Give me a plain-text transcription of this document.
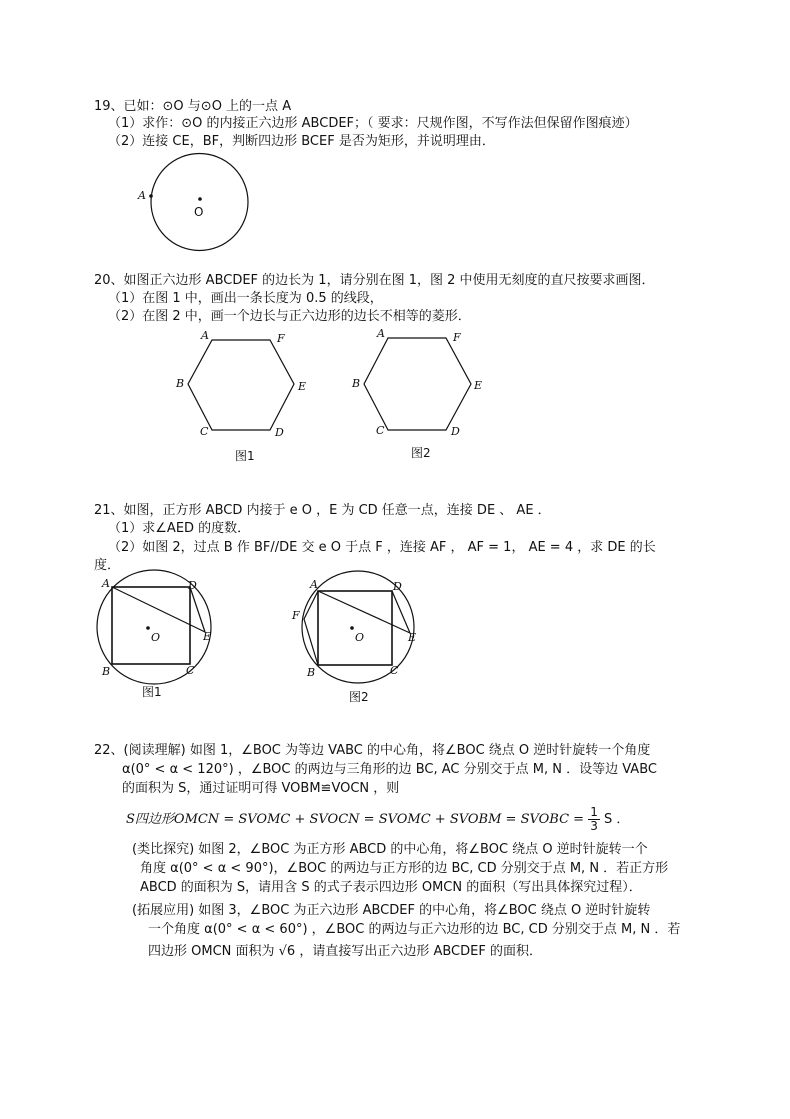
19、已如：⊙O 与⊙O 上的一点 A
（1）求作：⊙O 的内接正六边形 ABCDEF；（ 要求：尺规作图，不写作法但保留作图痕迹）
（2）连接 CE，BF，判断四边形 BCEF 是否为矩形，并说明理由．
A
O
20、如图正六边形 ABCDEF 的边长为 1，请分别在图 1，图 2 中使用无刻度的直尺按要求画图．
（1）在图 1 中，画出一条长度为 0.5 的线段，
（2）在图 2 中，画一个边长与正六边形的边长不相等的菱形．
A
B
C	D
E
F
图1
A
B
C	D
E
F
图2
21、如图，正方形 ABCD 内接于 e O ，E 为 CD 任意一点，连接 DE 、 AE ．
（1）求∠AED 的度数．
（2）如图 2，过点 B 作 BF//DE 交 e O 于点 F ，连接 AF ， AF = 1， AE = 4 ，求 DE 的长
度．
A
B	C
D
E
O
图1
A
B	C
D
E
F
O
图2
22、(阅读理解) 如图 1，∠BOC 为等边 VABC 的中心角，将∠BOC 绕点 O 逆时针旋转一个角度
α(0° < α < 120°) ，∠BOC 的两边与三角形的边 BC, AC 分别交于点 M, N ．设等边 VABC
的面积为 S，通过证明可得 VOBM≌VOCN ，则
S四边形OMCN = SVOMC + SVOCN = SVOMC + SVOBM = SVOBC = $\frac{1}{3}$ S ．
(类比探究) 如图 2，∠BOC 为正方形 ABCD 的中心角，将∠BOC 绕点 O 逆时针旋转一个
角度 α(0° < α < 90°)，∠BOC 的两边与正方形的边 BC, CD 分别交于点 M, N ．若正方形
ABCD 的面积为 S，请用含 S 的式子表示四边形 OMCN 的面积（写出具体探究过程）．
(拓展应用) 如图 3，∠BOC 为正六边形 ABCDEF 的中心角，将∠BOC 绕点 O 逆时针旋转
一个角度 α(0° < α < 60°) ，∠BOC 的两边与正六边形的边 BC, CD 分别交于点 M, N ．若
四边形 OMCN 面积为 √6 ，请直接写出正六边形 ABCDEF 的面积．
